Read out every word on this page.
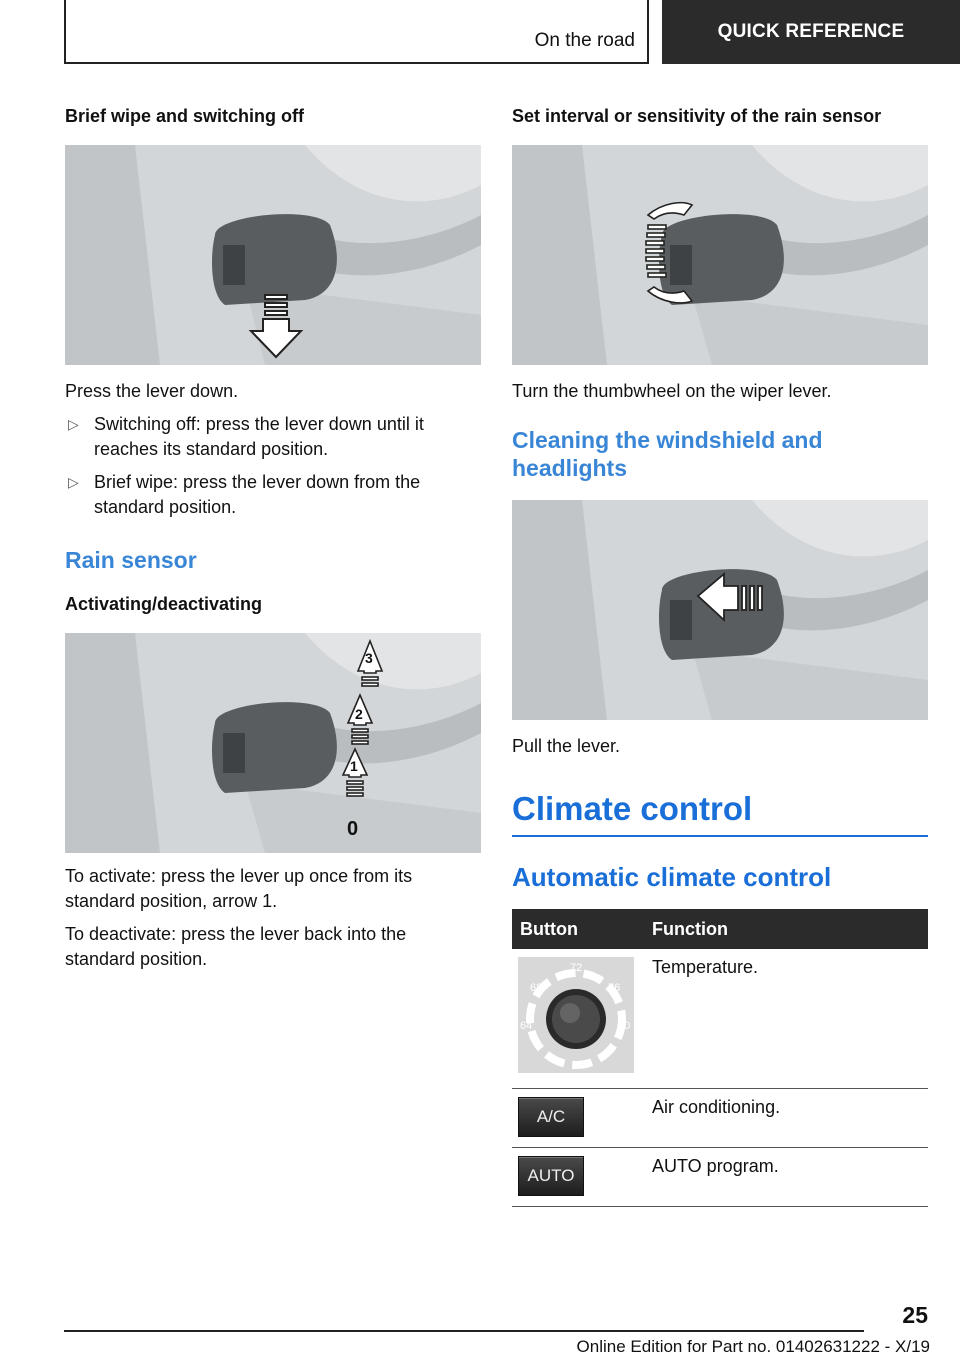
On the road	QUICK REFERENCE
Brief wipe and switching off

Press the lever down.

▷ Switching off: press the lever down until it reaches its standard position.
▷ Brief wipe: press the lever down from the standard position.
Rain sensor
Activating/deactivating
3
2
1
0

To activate: press the lever up once from its standard position, arrow 1.

To deactivate: press the lever back into the standard position.

Set interval or sensitivity of the rain sensor

Turn the thumbwheel on the wiper lever.

Cleaning the windshield and headlights

Pull the lever.

Climate control
Automatic climate control
Button	Function

72
68 76
64 80	Temperature.

A/C	Air conditioning.

AUTO	AUTO program.
25
Online Edition for Part no. 01402631222 - X/19
